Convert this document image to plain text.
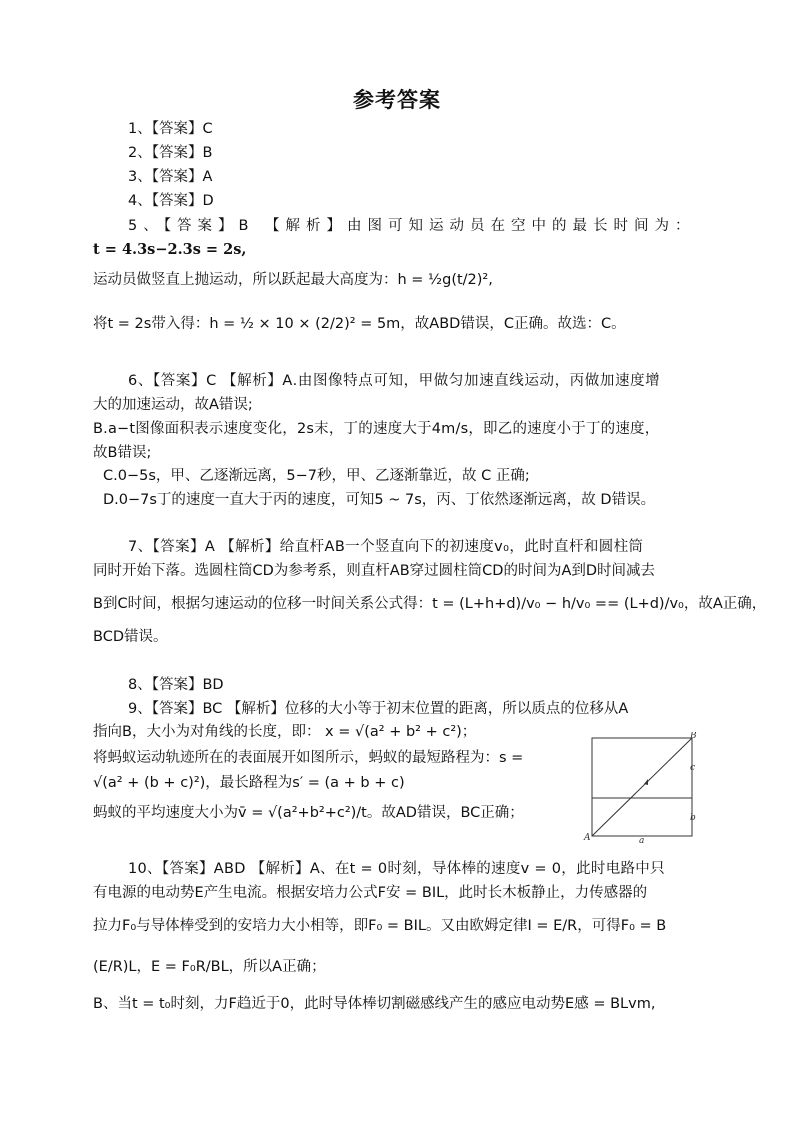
参考答案
1、【答案】C
2、【答案】B
3、【答案】A
4、【答案】D
5、【答案】B 【解析】由图可知运动员在空中的最长时间为：
t = 4.3s−2.3s = 2s,
运动员做竖直上抛运动，所以跃起最大高度为：h = ½g(t/2)²,
将t = 2s带入得：h = ½ × 10 × (2/2)² = 5m，故ABD错误，C正确。故选：C。
6、【答案】C 【解析】A.由图像特点可知，甲做匀加速直线运动，丙做加速度增
大的加速运动，故A错误;
B.a−t图像面积表示速度变化，2s末，丁的速度大于4m/s，即乙的速度小于丁的速度，
故B错误;
C.0−5s，甲、乙逐渐远离，5−7秒，甲、乙逐渐靠近，故 C 正确;
D.0−7s丁的速度一直大于丙的速度，可知5 ~ 7s，丙、丁依然逐渐远离，故 D错误。
7、【答案】A 【解析】给直杆AB一个竖直向下的初速度v₀，此时直杆和圆柱筒
同时开始下落。选圆柱筒CD为参考系，则直杆AB穿过圆柱筒CD的时间为A到D时间减去
B到C时间，根据匀速运动的位移一时间关系公式得：t = (L+h+d)/v₀ − h/v₀ == (L+d)/v₀，故A正确，
BCD错误。
8、【答案】BD
9、【答案】BC 【解析】位移的大小等于初末位置的距离，所以质点的位移从A
指向B，大小为对角线的长度，即： x = √(a² + b² + c²)；
将蚂蚁运动轨迹所在的表面展开如图所示，蚂蚁的最短路程为：s =
√(a² + (b + c)²)，最长路程为s′ = (a + b + c)
蚂蚁的平均速度大小为v̄ = √(a²+b²+c²)/t。故AD错误，BC正确；
A
B
c
b
a
10、【答案】ABD 【解析】A、在t = 0时刻，导体棒的速度v = 0，此时电路中只
有电源的电动势E产生电流。根据安培力公式F安 = BIL，此时长木板静止，力传感器的
拉力F₀与导体棒受到的安培力大小相等，即F₀ = BIL。又由欧姆定律I = E/R，可得F₀ = B
(E/R)L，E = F₀R/BL，所以A正确；
B、当t = t₀时刻，力F趋近于0，此时导体棒切割磁感线产生的感应电动势E感 = BLvm,
